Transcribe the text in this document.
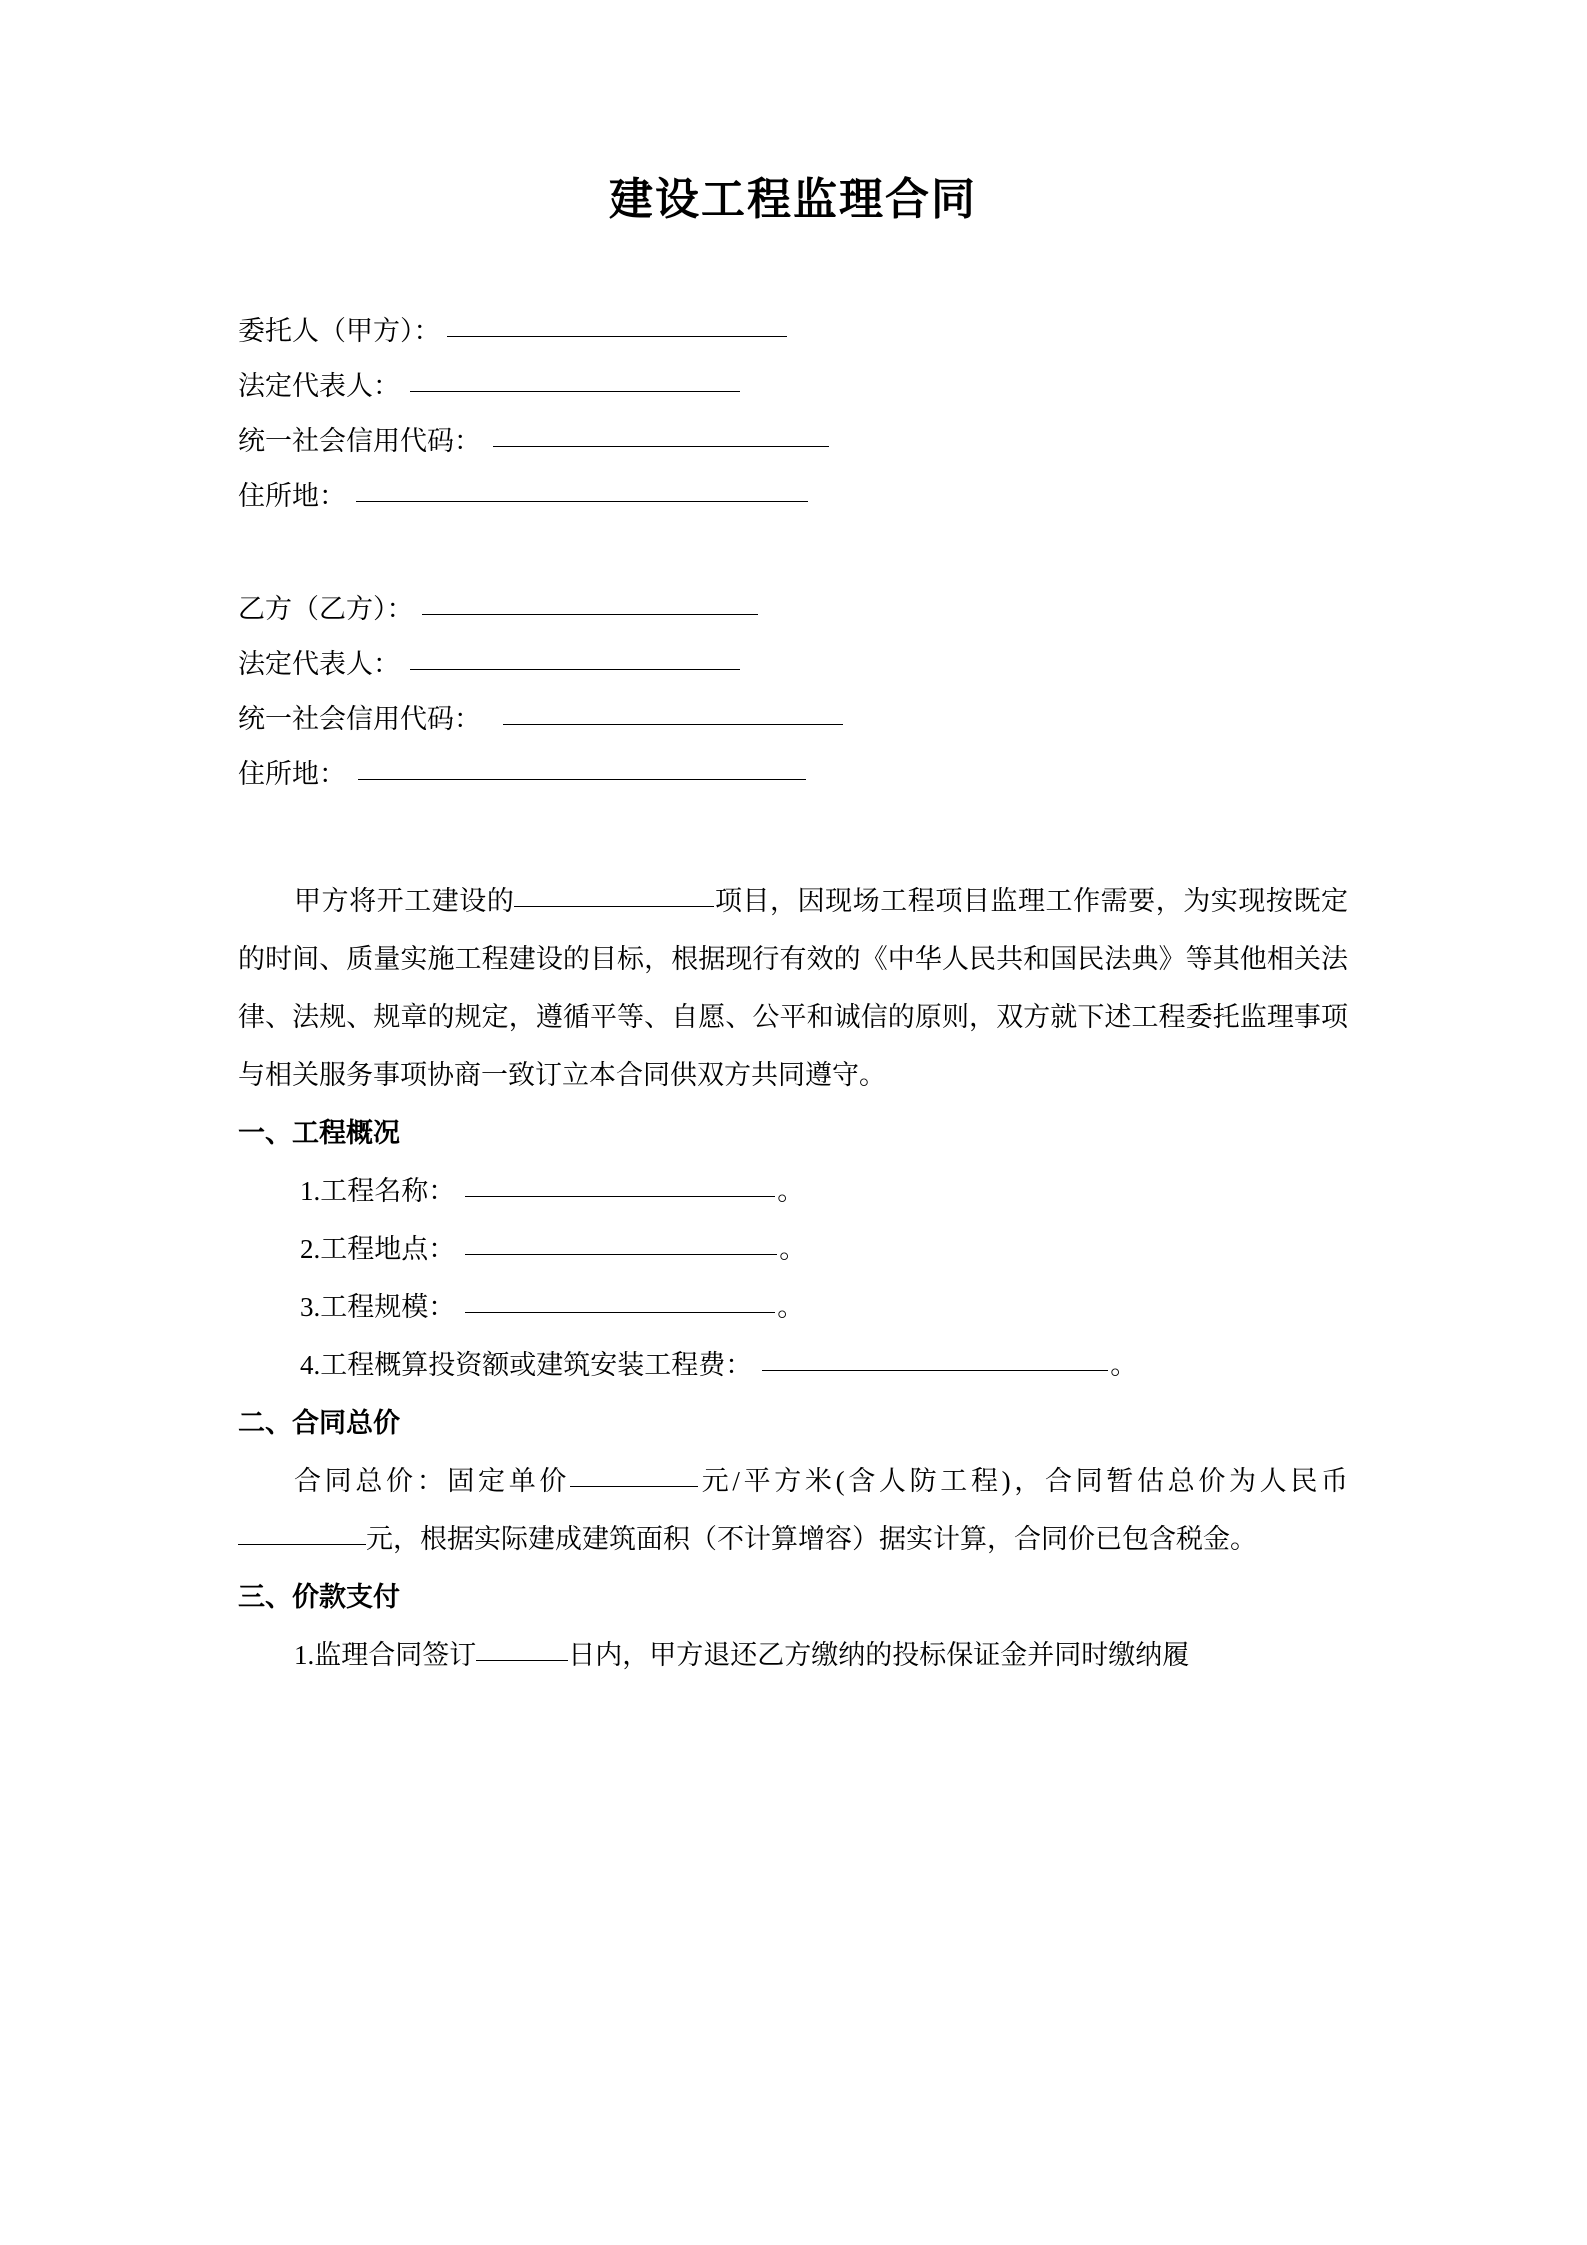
建设工程监理合同
委托人（甲方）：
法定代表人：
统一社会信用代码：
住所地：
乙方（乙方）：
法定代表人：
统一社会信用代码：
住所地：

甲方将开工建设的	项目，因现场工程项目监理工作需要，为实现按既定的时间、质量实施工程建设的目标，根据现行有效的《中华人民共和国民法典》等其他相关法律、法规、规章的规定，遵循平等、自愿、公平和诚信的原则，双方就下述工程委托监理事项与相关服务事项协商一致订立本合同供双方共同遵守。

一、工程概况
1.工程名称：	。
2.工程地点：	。
3.工程规模：	。
4.工程概算投资额或建筑安装工程费：	。
二、合同总价

合同总价：固定单价	元/平方米(含人防工程)，合同暂估总价为人民币元，根据实际建成建筑面积（不计算增容）据实计算，合同价已包含税金。

三、价款支付

1.监理合同签订	日内，甲方退还乙方缴纳的投标保证金并同时缴纳履
